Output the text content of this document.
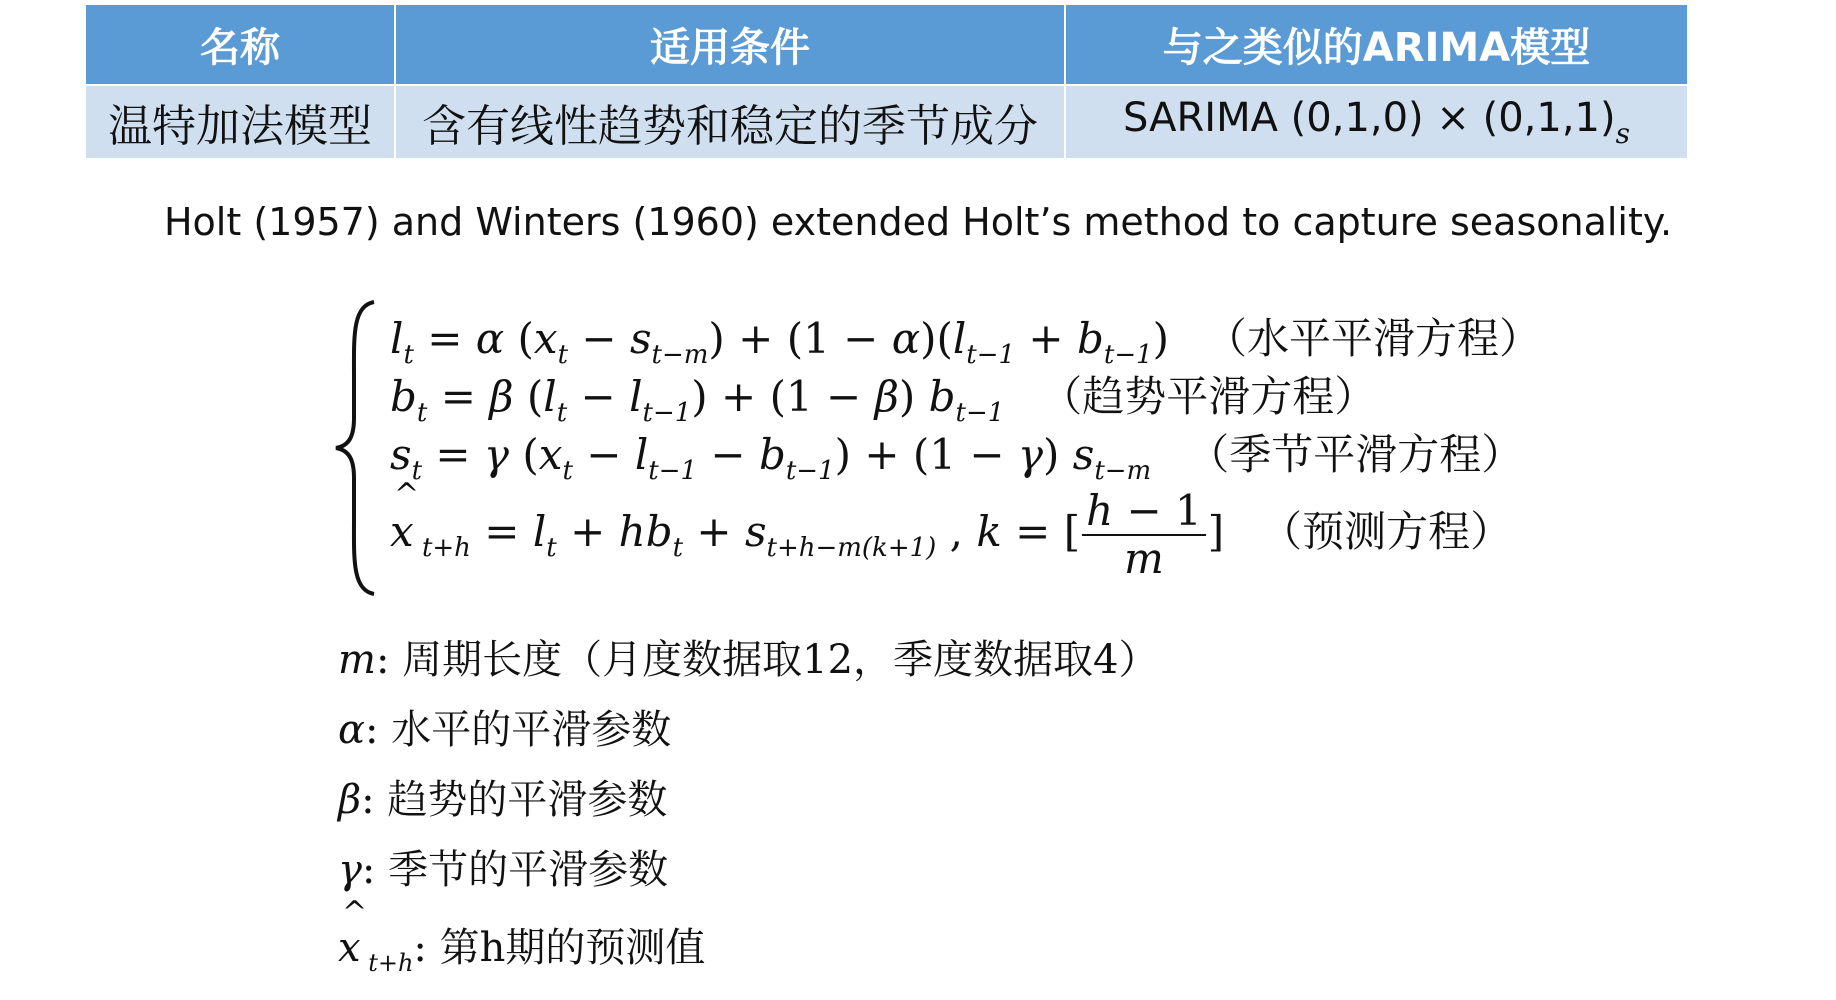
名称	适用条件	与之类似的ARIMA模型
温特加法模型	含有线性趋势和稳定的季节成分	SARIMA $(0,1,0) \times (0,1,1)_s$
Holt (1957) and Winters (1960) extended Holt’s method to capture seasonality.
$l_t = \alpha$ $(x_t - s_{t-m}) + (1 - \alpha)(l_{t-1} + b_{t-1})$ （水平平滑方程）
$b_t = \beta$ $(l_t - l_{t-1}) + (1 - \beta)$ $b_{t-1}$ （趋势平滑方程）
$s_t = \gamma$ $(x_t - l_{t-1} - b_{t-1}) + (1 - \gamma)$ $s_{t-m}$ （季节平滑方程）
^ x $_{t+h} = l_t + hb_t + s_{t+h-m(k+1)}$ , k = [ $\frac{h - 1}{m}$ ] （预测方程）
m: 周期长度（月度数据取12，季度数据取4）
α: 水平的平滑参数
β: 趋势的平滑参数
γ: 季节的平滑参数
^ x $_{t+h}$: 第h期的预测值
